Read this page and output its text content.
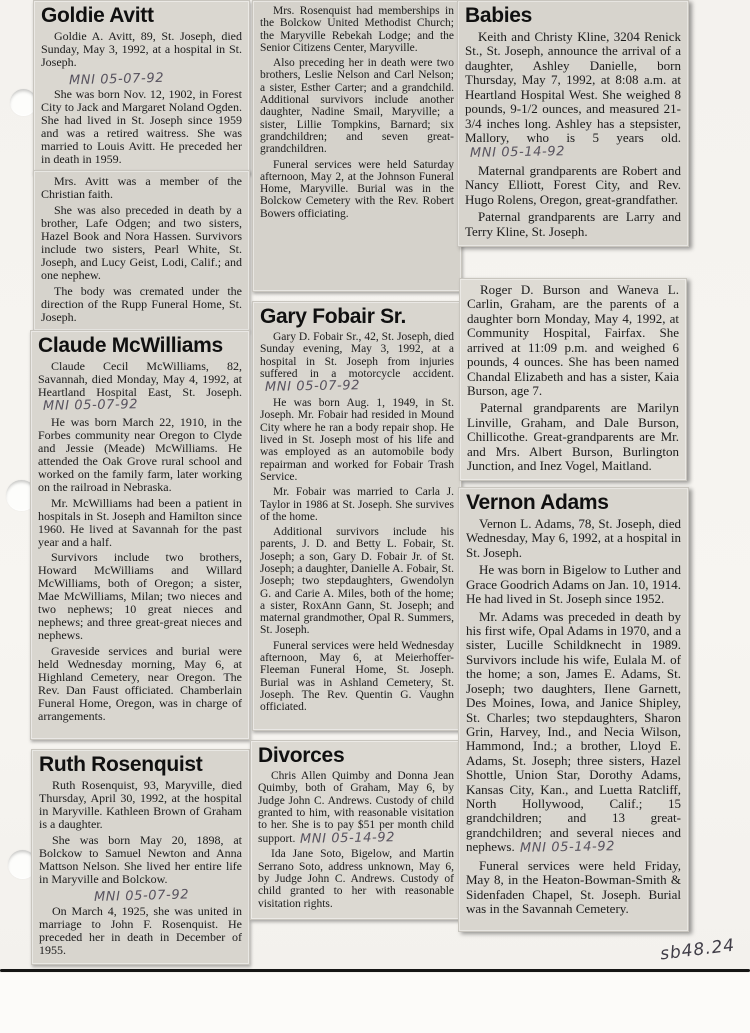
Goldie Avitt

Goldie A. Avitt, 89, St. Joseph, died Sunday, May 3, 1992, at a hospital in St. Joseph.

MNI 05-07-92

She was born Nov. 12, 1902, in Forest City to Jack and Margaret Noland Ogden. She had lived in St. Joseph since 1959 and was a retired waitress. She was married to Louis Avitt. He preceded her in death in 1959.

Mrs. Avitt was a member of the Christian faith.

She was also preceded in death by a brother, Lafe Odgen; and two sisters, Hazel Book and Nora Hassen. Survivors include two sisters, Pearl White, St. Joseph, and Lucy Geist, Lodi, Calif.; and one nephew.

The body was cremated under the direction of the Rupp Funeral Home, St. Joseph.

Claude McWilliams

Claude Cecil McWilliams, 82, Savannah, died Monday, May 4, 1992, at Heartland Hospital East, St. Joseph.MNI 05-07-92

He was born March 22, 1910, in the Forbes community near Oregon to Clyde and Jessie (Meade) McWilliams. He attended the Oak Grove rural school and worked on the family farm, later working on the railroad in Nebraska.

Mr. McWilliams had been a patient in hospitals in St. Joseph and Hamilton since 1960. He lived at Savannah for the past year and a half.

Survivors include two brothers, Howard McWilliams and Willard McWilliams, both of Oregon; a sister, Mae McWilliams, Milan; two nieces and two nephews; 10 great nieces and nephews; and three great-great nieces and nephews.

Graveside services and burial were held Wednesday morning, May 6, at Highland Cemetery, near Oregon. The Rev. Dan Faust officiated. Chamberlain Funeral Home, Oregon, was in charge of arrangements.

Ruth Rosenquist

Ruth Rosenquist, 93, Maryville, died Thursday, April 30, 1992, at the hospital in Maryville. Kathleen Brown of Graham is a daughter.

She was born May 20, 1898, at Bolckow to Samuel Newton and Anna Mattson Nelson. She lived her entire life in Maryville and Bolckow.

MNI 05-07-92

On March 4, 1925, she was united in marriage to John F. Rosenquist. He preceded her in death in December of 1955.

Mrs. Rosenquist had memberships in the Bolckow United Methodist Church; the Maryville Rebekah Lodge; and the Senior Citizens Center, Maryville.

Also preceding her in death were two brothers, Leslie Nelson and Carl Nelson; a sister, Esther Carter; and a grandchild. Additional survivors include another daughter, Nadine Smail, Maryville; a sister, Lillie Tompkins, Barnard; six grandchildren; and seven great-grandchildren.

Funeral services were held Saturday afternoon, May 2, at the Johnson Funeral Home, Maryville. Burial was in the Bolckow Cemetery with the Rev. Robert Bowers officiating.

Gary Fobair Sr.

Gary D. Fobair Sr., 42, St. Joseph, died Sunday evening, May 3, 1992, at a hospital in St. Joseph from injuries suffered in a motorcycle accident.MNI 05-07-92

He was born Aug. 1, 1949, in St. Joseph. Mr. Fobair had resided in Mound City where he ran a body repair shop. He lived in St. Joseph most of his life and was employed as an automobile body repairman and worked for Fobair Trash Service.

Mr. Fobair was married to Carla J. Taylor in 1986 at St. Joseph. She survives of the home.

Additional survivors include his parents, J. D. and Betty L. Fobair, St. Joseph; a son, Gary D. Fobair Jr. of St. Joseph; a daughter, Danielle A. Fobair, St. Joseph; two stepdaughters, Gwendolyn G. and Carie A. Miles, both of the home; a sister, RoxAnn Gann, St. Joseph; and maternal grandmother, Opal R. Summers, St. Joseph.

Funeral services were held Wednesday afternoon, May 6, at Meierhoffer-Fleeman Funeral Home, St. Joseph. Burial was in Ashland Cemetery, St. Joseph. The Rev. Quentin G. Vaughn officiated.

Divorces

Chris Allen Quimby and Donna Jean Quimby, both of Graham, May 6, by Judge John C. Andrews. Custody of child granted to him, with reasonable visitation to her. She is to pay $51 per month child support. MNI 05-14-92

Ida Jane Soto, Bigelow, and Martin Serrano Soto, address unknown, May 6, by Judge John C. Andrews. Custody of child granted to her with reasonable visitation rights.

Babies

Keith and Christy Kline, 3204 Renick St., St. Joseph, announce the arrival of a daughter, Ashley Danielle, born Thursday, May 7, 1992, at 8:08 a.m. at Heartland Hospital West. She weighed 8 pounds, 9-1/2 ounces, and measured 21-3/4 inches long. Ashley has a stepsister, Mallory, who is 5 years old.MNI 05-14-92

Maternal grandparents are Robert and Nancy Elliott, Forest City, and Rev. Hugo Rolens, Oregon, great-grandfather.

Paternal grandparents are Larry and Terry Kline, St. Joseph.

Roger D. Burson and Waneva L. Carlin, Graham, are the parents of a daughter born Monday, May 4, 1992, at Community Hospital, Fairfax. She arrived at 11:09 p.m. and weighed 6 pounds, 4 ounces. She has been named Chandal Elizabeth and has a sister, Kaia Burson, age 7.

Paternal grandparents are Marilyn Linville, Graham, and Dale Burson, Chillicothe. Great-grandparents are Mr. and Mrs. Albert Burson, Burlington Junction, and Inez Vogel, Maitland.

Vernon Adams

Vernon L. Adams, 78, St. Joseph, died Wednesday, May 6, 1992, at a hospital in St. Joseph.

He was born in Bigelow to Luther and Grace Goodrich Adams on Jan. 10, 1914. He had lived in St. Joseph since 1952.

Mr. Adams was preceded in death by his first wife, Opal Adams in 1970, and a sister, Lucille Schildknecht in 1989. Survivors include his wife, Eulala M. of the home; a son, James E. Adams, St. Joseph; two daughters, Ilene Garnett, Des Moines, Iowa, and Janice Shipley, St. Charles; two stepdaughters, Sharon Grin, Harvey, Ind., and Necia Wilson, Hammond, Ind.; a brother, Lloyd E. Adams, St. Joseph; three sisters, Hazel Shottle, Union Star, Dorothy Adams, Kansas City, Kan., and Luetta Ratcliff, North Hollywood, Calif.; 15 grandchildren; and 13 great-grandchildren; and several nieces and nephews. MNI 05-14-92

Funeral services were held Friday, May 8, in the Heaton-Bowman-Smith & Sidenfaden Chapel, St. Joseph. Burial was in the Savannah Cemetery.

sb48.24
